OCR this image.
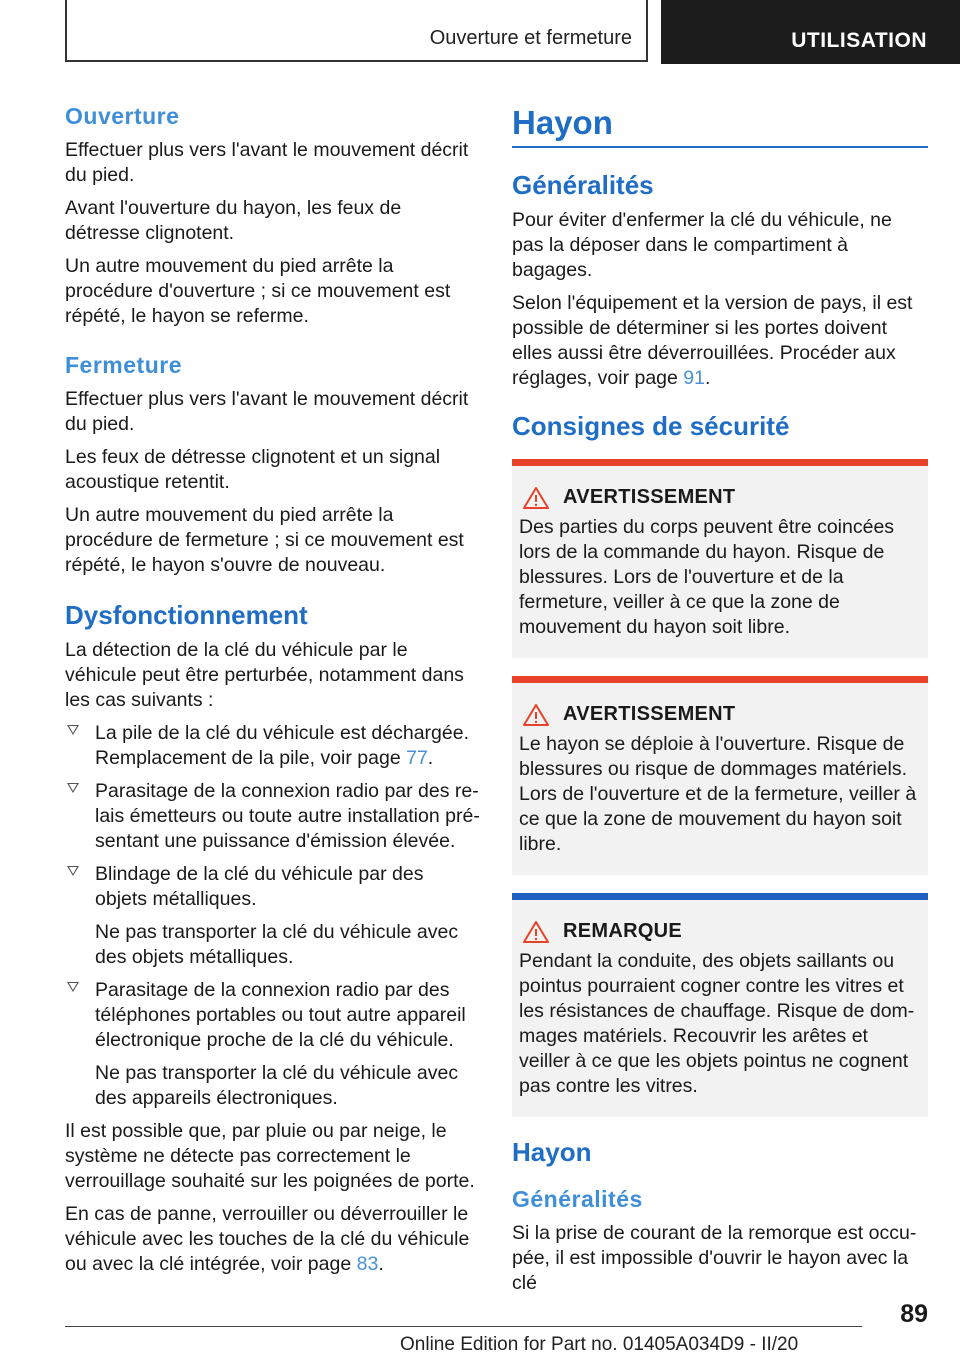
Ouverture et fermeture	UTILISATION
Ouverture

Effectuer plus vers l'avant le mouvement décrit du pied.

Avant l'ouverture du hayon, les feux de détresse clignotent.

Un autre mouvement du pied arrête la procédure d'ouverture ; si ce mouvement est répété, le hayon se referme.

Fermeture

Effectuer plus vers l'avant le mouvement décrit du pied.

Les feux de détresse clignotent et un signal acoustique retentit.

Un autre mouvement du pied arrête la procédure de fermeture ; si ce mouvement est répété, le hayon s'ouvre de nouveau.

Dysfonctionnement

La détection de la clé du véhicule par le véhicule peut être perturbée, notamment dans les cas suivants :

La pile de la clé du véhicule est déchargée. Remplacement de la pile, voir page 77.
Parasitage de la connexion radio par des relais émetteurs ou toute autre installation présentant une puissance d'émission élevée.
Blindage de la clé du véhicule par des objets métalliques.
Ne pas transporter la clé du véhicule avec des objets métalliques.
Parasitage de la connexion radio par des téléphones portables ou tout autre appareil électronique proche de la clé du véhicule.
Ne pas transporter la clé du véhicule avec des appareils électroniques.

Il est possible que, par pluie ou par neige, le système ne détecte pas correctement le verrouillage souhaité sur les poignées de porte.

En cas de panne, verrouiller ou déverrouiller le véhicule avec les touches de la clé du véhicule ou avec la clé intégrée, voir page 83.

Hayon
Généralités

Pour éviter d'enfermer la clé du véhicule, ne pas la déposer dans le compartiment à bagages.

Selon l'équipement et la version de pays, il est possible de déterminer si les portes doivent elles aussi être déverrouillées. Procéder aux réglages, voir page 91.

Consignes de sécurité
AVERTISSEMENT

Des parties du corps peuvent être coincées lors de la commande du hayon. Risque de blessures. Lors de l'ouverture et de la fermeture, veiller à ce que la zone de mouvement du hayon soit libre.

AVERTISSEMENT

Le hayon se déploie à l'ouverture. Risque de blessures ou risque de dommages matériels. Lors de l'ouverture et de la fermeture, veiller à ce que la zone de mouvement du hayon soit libre.

REMARQUE

Pendant la conduite, des objets saillants ou pointus pourraient cogner contre les vitres et les résistances de chauffage. Risque de dommages matériels. Recouvrir les arêtes et veiller à ce que les objets pointus ne cognent pas contre les vitres.

Hayon
Généralités

Si la prise de courant de la remorque est occupée, il est impossible d'ouvrir le hayon avec la clé

89
Online Edition for Part no. 01405A034D9 - II/20
